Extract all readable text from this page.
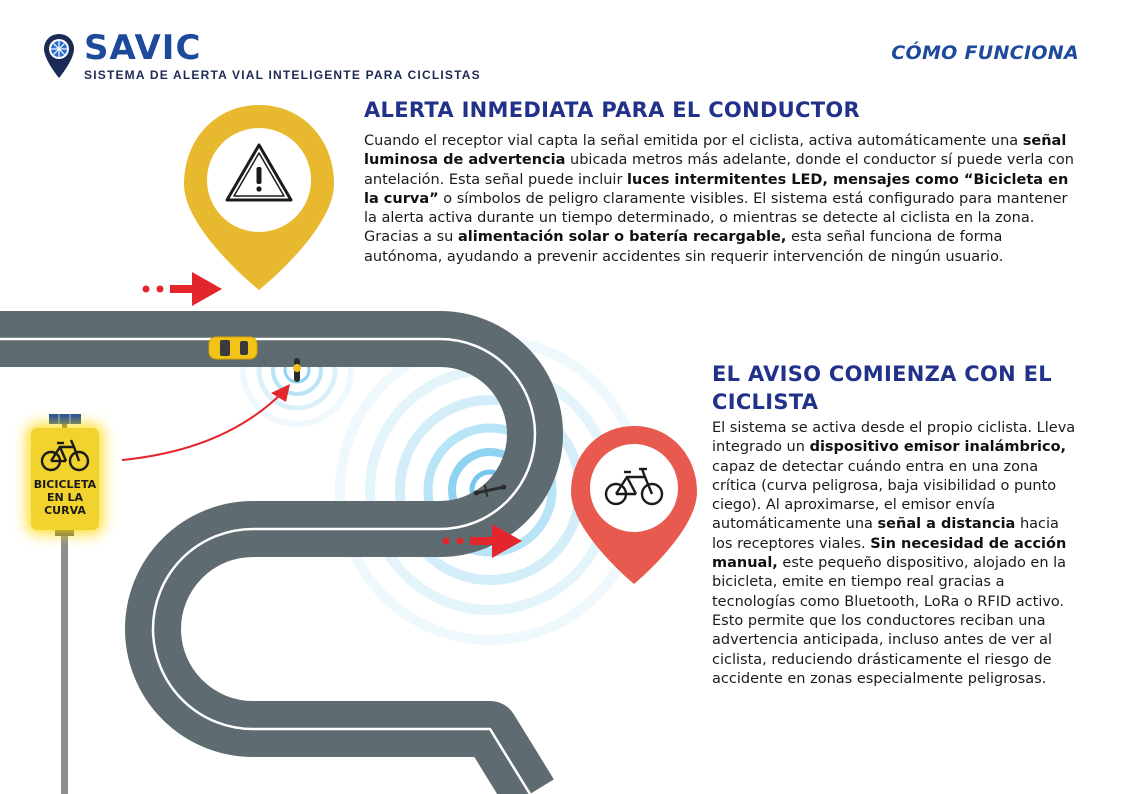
SAVIC
SISTEMA DE ALERTA VIAL INTELIGENTE PARA CICLISTAS
CÓMO FUNCIONA
BICICLETA EN LA CURVA
ALERTA INMEDIATA PARA EL CONDUCTOR
Cuando el receptor vial capta la señal emitida por el ciclista, activa automáticamente una señal luminosa de advertencia ubicada metros más adelante, donde el conductor sí puede verla con antelación. Esta señal puede incluir luces intermitentes LED, mensajes como “Bicicleta en la curva” o símbolos de peligro claramente visibles. El sistema está configurado para mantener la alerta activa durante un tiempo determinado, o mientras se detecte al ciclista en la zona. Gracias a su alimentación solar o batería recargable, esta señal funciona de forma autónoma, ayudando a prevenir accidentes sin requerir intervención de ningún usuario.
EL AVISO COMIENZA CON EL CICLISTA
El sistema se activa desde el propio ciclista. Lleva integrado un dispositivo emisor inalámbrico, capaz de detectar cuándo entra en una zona crítica (curva peligrosa, baja visibilidad o punto ciego). Al aproximarse, el emisor envía automáticamente una señal a distancia hacia los receptores viales. Sin necesidad de acción manual, este pequeño dispositivo, alojado en la bicicleta, emite en tiempo real gracias a tecnologías como Bluetooth, LoRa o RFID activo. Esto permite que los conductores reciban una advertencia anticipada, incluso antes de ver al ciclista, reduciendo drásticamente el riesgo de accidente en zonas especialmente peligrosas.
